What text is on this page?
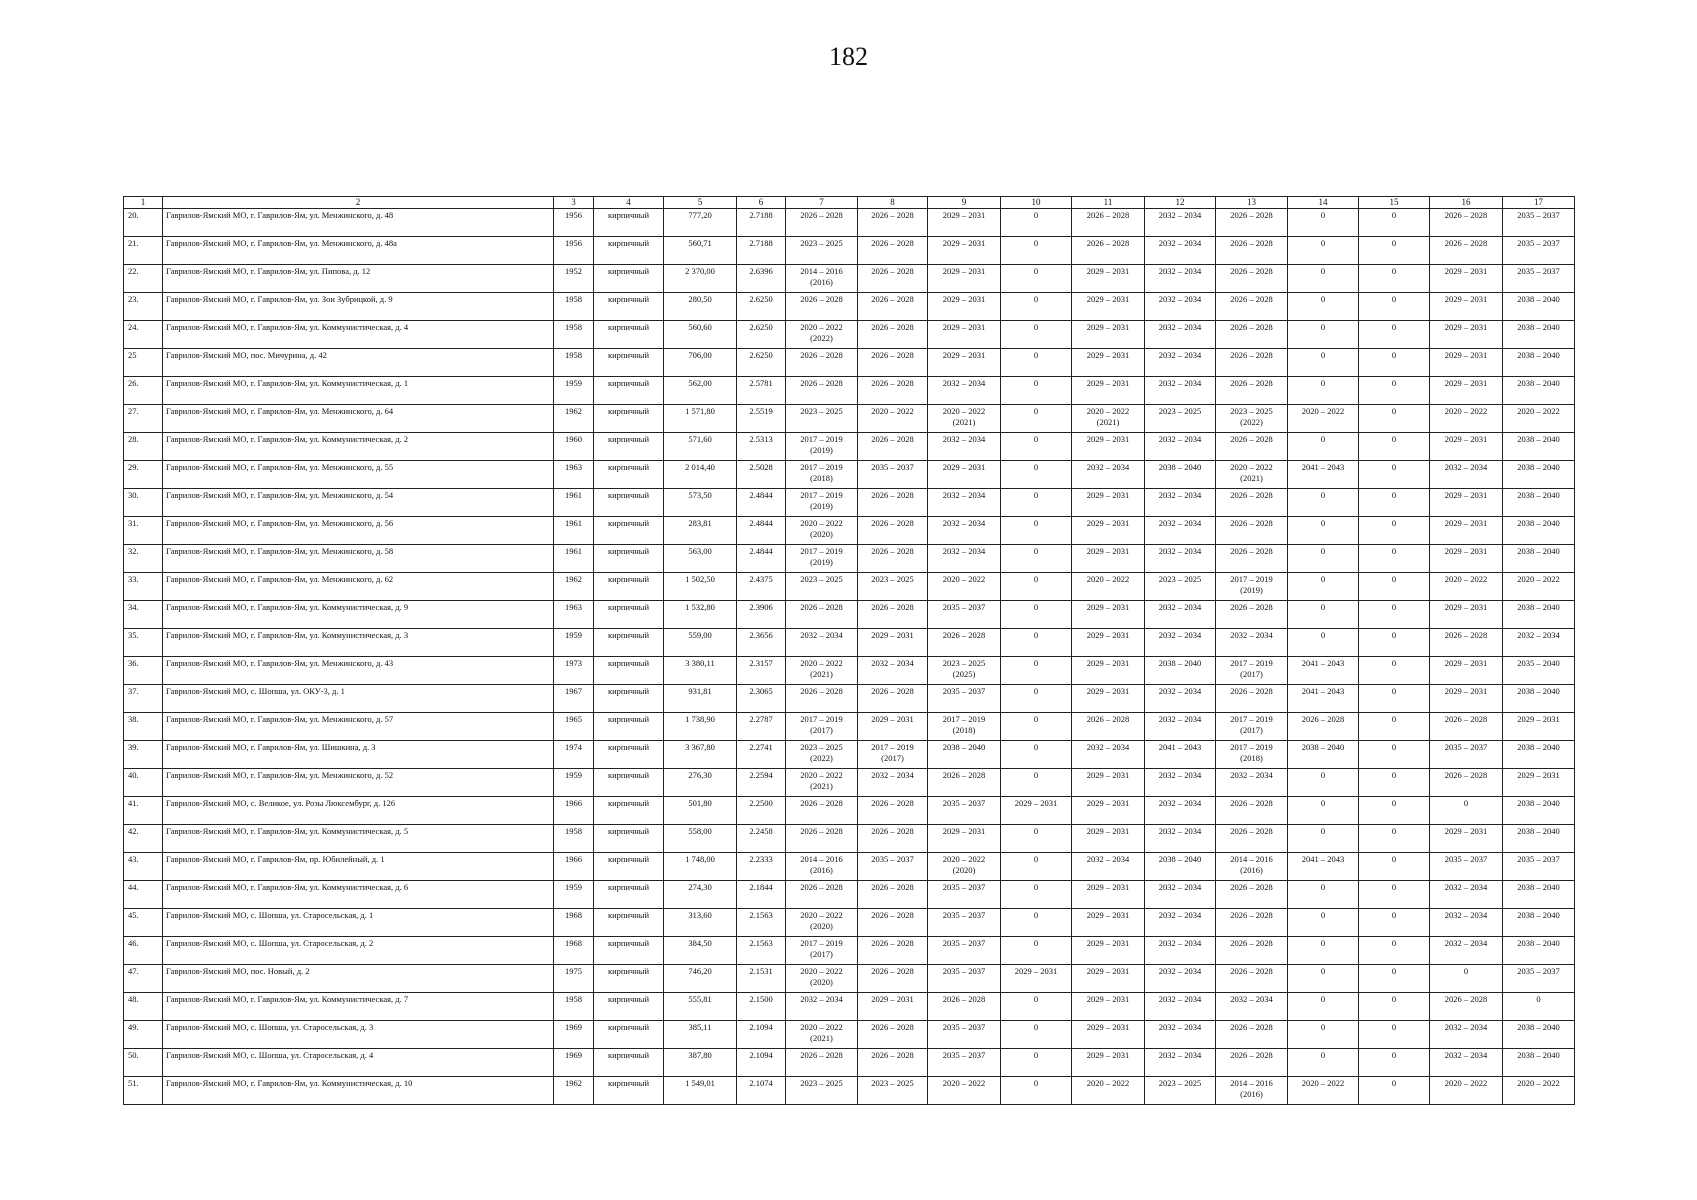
182
1	2	3	4	5	6	7	8	9	10	11	12	13	14	15	16	17
20.	Гаврилов-Ямский МО, г. Гаврилов-Ям, ул. Менжинского, д. 48	1956	кирпичный	777,20	2.7188	2026 – 2028	2026 – 2028	2029 – 2031	0	2026 – 2028	2032 – 2034	2026 – 2028	0	0	2026 – 2028	2035 – 2037
21.	Гаврилов-Ямский МО, г. Гаврилов-Ям, ул. Менжинского, д. 48а	1956	кирпичный	560,71	2.7188	2023 – 2025	2026 – 2028	2029 – 2031	0	2026 – 2028	2032 – 2034	2026 – 2028	0	0	2026 – 2028	2035 – 2037
22.	Гаврилов-Ямский МО, г. Гаврилов-Ям, ул. Пипова, д. 12	1952	кирпичный	2 370,00	2.6396	2014 – 2016
(2016)	2026 – 2028	2029 – 2031	0	2029 – 2031	2032 – 2034	2026 – 2028	0	0	2029 – 2031	2035 – 2037
23.	Гаврилов-Ямский МО, г. Гаврилов-Ям, ул. Зои Зубрицкой, д. 9	1958	кирпичный	280,50	2.6250	2026 – 2028	2026 – 2028	2029 – 2031	0	2029 – 2031	2032 – 2034	2026 – 2028	0	0	2029 – 2031	2038 – 2040
24.	Гаврилов-Ямский МО, г. Гаврилов-Ям, ул. Коммунистическая, д. 4	1958	кирпичный	560,60	2.6250	2020 – 2022
(2022)	2026 – 2028	2029 – 2031	0	2029 – 2031	2032 – 2034	2026 – 2028	0	0	2029 – 2031	2038 – 2040
25	Гаврилов-Ямский МО, пос. Мичурина, д. 42	1958	кирпичный	706,00	2.6250	2026 – 2028	2026 – 2028	2029 – 2031	0	2029 – 2031	2032 – 2034	2026 – 2028	0	0	2029 – 2031	2038 – 2040
26.	Гаврилов-Ямский МО, г. Гаврилов-Ям, ул. Коммунистическая, д. 1	1959	кирпичный	562,00	2.5781	2026 – 2028	2026 – 2028	2032 – 2034	0	2029 – 2031	2032 – 2034	2026 – 2028	0	0	2029 – 2031	2038 – 2040
27.	Гаврилов-Ямский МО, г. Гаврилов-Ям, ул. Менжинского, д. 64	1962	кирпичный	1 571,80	2.5519	2023 – 2025	2020 – 2022	2020 – 2022
(2021)	0	2020 – 2022
(2021)	2023 – 2025	2023 – 2025
(2022)	2020 – 2022	0	2020 – 2022	2020 – 2022
28.	Гаврилов-Ямский МО, г. Гаврилов-Ям, ул. Коммунистическая, д. 2	1960	кирпичный	571,60	2.5313	2017 – 2019
(2019)	2026 – 2028	2032 – 2034	0	2029 – 2031	2032 – 2034	2026 – 2028	0	0	2029 – 2031	2038 – 2040
29.	Гаврилов-Ямский МО, г. Гаврилов-Ям, ул. Менжинского, д. 55	1963	кирпичный	2 014,40	2.5028	2017 – 2019
(2018)	2035 – 2037	2029 – 2031	0	2032 – 2034	2038 – 2040	2020 – 2022
(2021)	2041 – 2043	0	2032 – 2034	2038 – 2040
30.	Гаврилов-Ямский МО, г. Гаврилов-Ям, ул. Менжинского, д. 54	1961	кирпичный	573,50	2.4844	2017 – 2019
(2019)	2026 – 2028	2032 – 2034	0	2029 – 2031	2032 – 2034	2026 – 2028	0	0	2029 – 2031	2038 – 2040
31.	Гаврилов-Ямский МО, г. Гаврилов-Ям, ул. Менжинского, д. 56	1961	кирпичный	283,81	2.4844	2020 – 2022
(2020)	2026 – 2028	2032 – 2034	0	2029 – 2031	2032 – 2034	2026 – 2028	0	0	2029 – 2031	2038 – 2040
32.	Гаврилов-Ямский МО, г. Гаврилов-Ям, ул. Менжинского, д. 58	1961	кирпичный	563,00	2.4844	2017 – 2019
(2019)	2026 – 2028	2032 – 2034	0	2029 – 2031	2032 – 2034	2026 – 2028	0	0	2029 – 2031	2038 – 2040
33.	Гаврилов-Ямский МО, г. Гаврилов-Ям, ул. Менжинского, д. 62	1962	кирпичный	1 502,50	2.4375	2023 – 2025	2023 – 2025	2020 – 2022	0	2020 – 2022	2023 – 2025	2017 – 2019
(2019)	0	0	2020 – 2022	2020 – 2022
34.	Гаврилов-Ямский МО, г. Гаврилов-Ям, ул. Коммунистическая, д. 9	1963	кирпичный	1 532,80	2.3906	2026 – 2028	2026 – 2028	2035 – 2037	0	2029 – 2031	2032 – 2034	2026 – 2028	0	0	2029 – 2031	2038 – 2040
35.	Гаврилов-Ямский МО, г. Гаврилов-Ям, ул. Коммунистическая, д. 3	1959	кирпичный	559,00	2.3656	2032 – 2034	2029 – 2031	2026 – 2028	0	2029 – 2031	2032 – 2034	2032 – 2034	0	0	2026 – 2028	2032 – 2034
36.	Гаврилов-Ямский МО, г. Гаврилов-Ям, ул. Менжинского, д. 43	1973	кирпичный	3 380,11	2.3157	2020 – 2022
(2021)	2032 – 2034	2023 – 2025
(2025)	0	2029 – 2031	2038 – 2040	2017 – 2019
(2017)	2041 – 2043	0	2029 – 2031	2035 – 2040
37.	Гаврилов-Ямский МО, с. Шопша, ул. ОКУ-3, д. 1	1967	кирпичный	931,81	2.3065	2026 – 2028	2026 – 2028	2035 – 2037	0	2029 – 2031	2032 – 2034	2026 – 2028	2041 – 2043	0	2029 – 2031	2038 – 2040
38.	Гаврилов-Ямский МО, г. Гаврилов-Ям, ул. Менжинского, д. 57	1965	кирпичный	1 738,90	2.2787	2017 – 2019
(2017)	2029 – 2031	2017 – 2019
(2018)	0	2026 – 2028	2032 – 2034	2017 – 2019
(2017)	2026 – 2028	0	2026 – 2028	2029 – 2031
39.	Гаврилов-Ямский МО, г. Гаврилов-Ям, ул. Шишкина, д. 3	1974	кирпичный	3 367,80	2.2741	2023 – 2025
(2022)	2017 – 2019
(2017)	2038 – 2040	0	2032 – 2034	2041 – 2043	2017 – 2019
(2018)	2038 – 2040	0	2035 – 2037	2038 – 2040
40.	Гаврилов-Ямский МО, г. Гаврилов-Ям, ул. Менжинского, д. 52	1959	кирпичный	276,30	2.2594	2020 – 2022
(2021)	2032 – 2034	2026 – 2028	0	2029 – 2031	2032 – 2034	2032 – 2034	0	0	2026 – 2028	2029 – 2031
41.	Гаврилов-Ямский МО, с. Великое, ул. Розы Люксембург, д. 126	1966	кирпичный	501,80	2.2500	2026 – 2028	2026 – 2028	2035 – 2037	2029 – 2031	2029 – 2031	2032 – 2034	2026 – 2028	0	0	0	2038 – 2040
42.	Гаврилов-Ямский МО, г. Гаврилов-Ям, ул. Коммунистическая, д. 5	1958	кирпичный	558,00	2.2458	2026 – 2028	2026 – 2028	2029 – 2031	0	2029 – 2031	2032 – 2034	2026 – 2028	0	0	2029 – 2031	2038 – 2040
43.	Гаврилов-Ямский МО, г. Гаврилов-Ям, пр. Юбилейный, д. 1	1966	кирпичный	1 748,00	2.2333	2014 – 2016
(2016)	2035 – 2037	2020 – 2022
(2020)	0	2032 – 2034	2038 – 2040	2014 – 2016
(2016)	2041 – 2043	0	2035 – 2037	2035 – 2037
44.	Гаврилов-Ямский МО, г. Гаврилов-Ям, ул. Коммунистическая, д. 6	1959	кирпичный	274,30	2.1844	2026 – 2028	2026 – 2028	2035 – 2037	0	2029 – 2031	2032 – 2034	2026 – 2028	0	0	2032 – 2034	2038 – 2040
45.	Гаврилов-Ямский МО, с. Шопша, ул. Старосельская, д. 1	1968	кирпичный	313,60	2.1563	2020 – 2022
(2020)	2026 – 2028	2035 – 2037	0	2029 – 2031	2032 – 2034	2026 – 2028	0	0	2032 – 2034	2038 – 2040
46.	Гаврилов-Ямский МО, с. Шопша, ул. Старосельская, д. 2	1968	кирпичный	384,50	2.1563	2017 – 2019
(2017)	2026 – 2028	2035 – 2037	0	2029 – 2031	2032 – 2034	2026 – 2028	0	0	2032 – 2034	2038 – 2040
47.	Гаврилов-Ямский МО, пос. Новый, д. 2	1975	кирпичный	746,20	2.1531	2020 – 2022
(2020)	2026 – 2028	2035 – 2037	2029 – 2031	2029 – 2031	2032 – 2034	2026 – 2028	0	0	0	2035 – 2037
48.	Гаврилов-Ямский МО, г. Гаврилов-Ям, ул. Коммунистическая, д. 7	1958	кирпичный	555,81	2.1500	2032 – 2034	2029 – 2031	2026 – 2028	0	2029 – 2031	2032 – 2034	2032 – 2034	0	0	2026 – 2028	0
49.	Гаврилов-Ямский МО, с. Шопша, ул. Старосельская, д. 3	1969	кирпичный	385,11	2.1094	2020 – 2022
(2021)	2026 – 2028	2035 – 2037	0	2029 – 2031	2032 – 2034	2026 – 2028	0	0	2032 – 2034	2038 – 2040
50.	Гаврилов-Ямский МО, с. Шопша, ул. Старосельская, д. 4	1969	кирпичный	387,80	2.1094	2026 – 2028	2026 – 2028	2035 – 2037	0	2029 – 2031	2032 – 2034	2026 – 2028	0	0	2032 – 2034	2038 – 2040
51.	Гаврилов-Ямский МО, г. Гаврилов-Ям, ул. Коммунистическая, д. 10	1962	кирпичный	1 549,01	2.1074	2023 – 2025	2023 – 2025	2020 – 2022	0	2020 – 2022	2023 – 2025	2014 – 2016
(2016)	2020 – 2022	0	2020 – 2022	2020 – 2022
